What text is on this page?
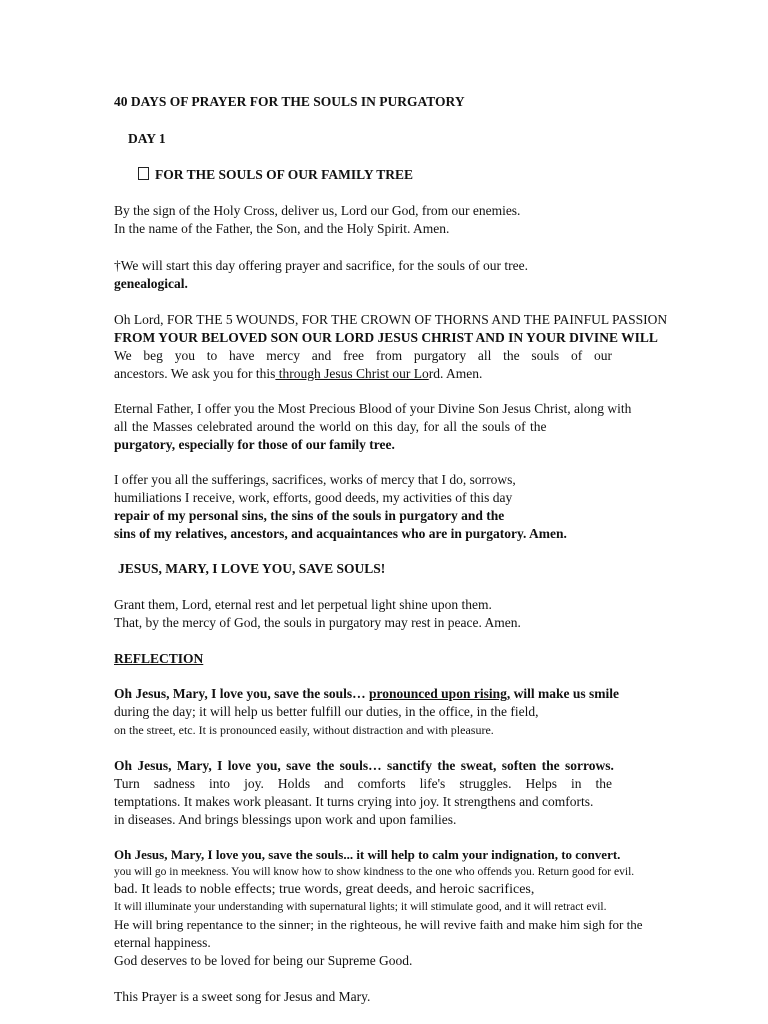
40 DAYS OF PRAYER FOR THE SOULS IN PURGATORY
DAY 1
FOR THE SOULS OF OUR FAMILY TREE
By the sign of the Holy Cross, deliver us, Lord our God, from our enemies.
In the name of the Father, the Son, and the Holy Spirit. Amen.
†We will start this day offering prayer and sacrifice, for the souls of our tree.
genealogical.
Oh Lord, FOR THE 5 WOUNDS, FOR THE CROWN OF THORNS AND THE PAINFUL PASSION
FROM YOUR BELOVED SON OUR LORD JESUS CHRIST AND IN YOUR DIVINE WILL
We beg you to have mercy and free from purgatory all the souls of our
ancestors. We ask you for this through Jesus Christ our Lord. Amen.
Eternal Father, I offer you the Most Precious Blood of your Divine Son Jesus Christ, along with
all the Masses celebrated around the world on this day, for all the souls of the
purgatory, especially for those of our family tree.
I offer you all the sufferings, sacrifices, works of mercy that I do, sorrows,
humiliations I receive, work, efforts, good deeds, my activities of this day
repair of my personal sins, the sins of the souls in purgatory and the
sins of my relatives, ancestors, and acquaintances who are in purgatory. Amen.
JESUS, MARY, I LOVE YOU, SAVE SOULS!
Grant them, Lord, eternal rest and let perpetual light shine upon them.
That, by the mercy of God, the souls in purgatory may rest in peace. Amen.
REFLECTION
Oh Jesus, Mary, I love you, save the souls… pronounced upon rising, will make us smile
during the day; it will help us better fulfill our duties, in the office, in the field,
on the street, etc. It is pronounced easily, without distraction and with pleasure.
Oh Jesus, Mary, I love you, save the souls… sanctify the sweat, soften the sorrows.
Turn sadness into joy. Holds and comforts life's struggles. Helps in the
temptations. It makes work pleasant. It turns crying into joy. It strengthens and comforts.
in diseases. And brings blessings upon work and upon families.
Oh Jesus, Mary, I love you, save the souls... it will help to calm your indignation, to convert.
you will go in meekness. You will know how to show kindness to the one who offends you. Return good for evil.
bad. It leads to noble effects; true words, great deeds, and heroic sacrifices,
It will illuminate your understanding with supernatural lights; it will stimulate good, and it will retract evil.
He will bring repentance to the sinner; in the righteous, he will revive faith and make him sigh for the
eternal happiness.
God deserves to be loved for being our Supreme Good.
This Prayer is a sweet song for Jesus and Mary.
